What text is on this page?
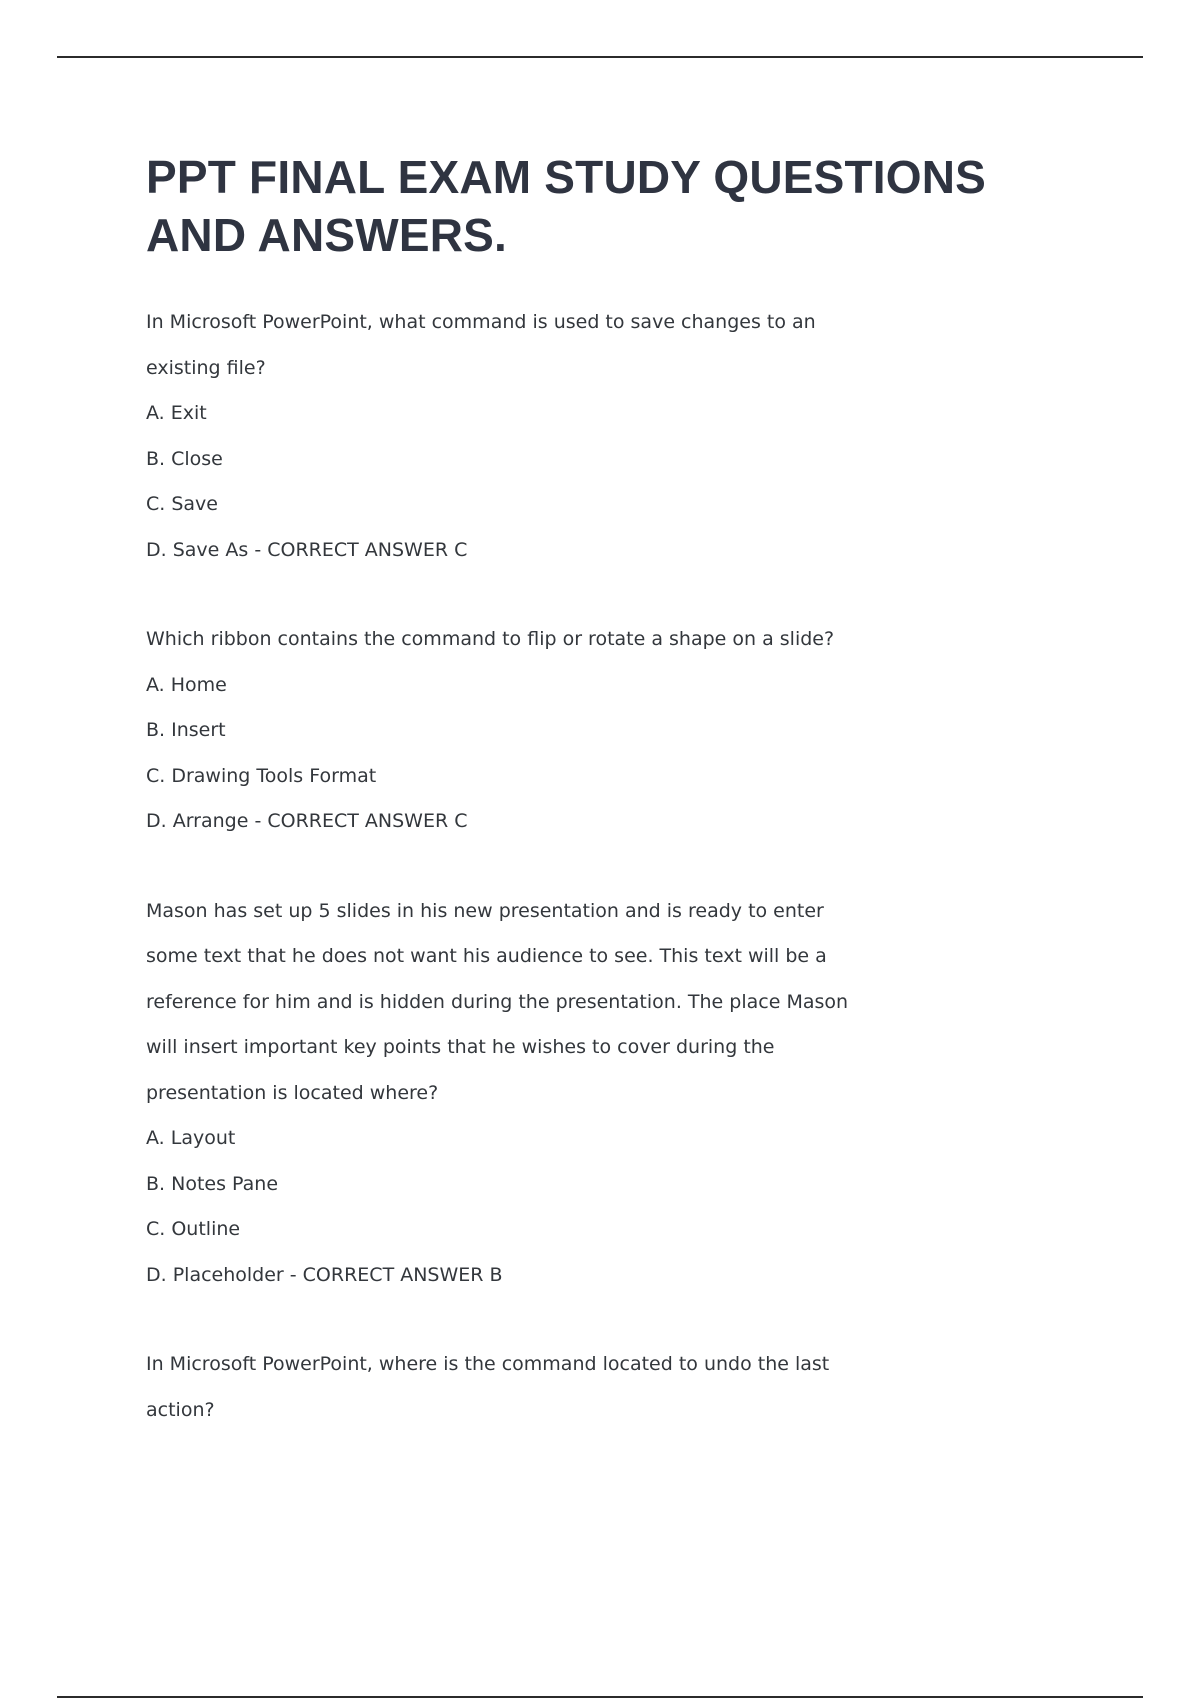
PPT FINAL EXAM STUDY QUESTIONS
AND ANSWERS.
In Microsoft PowerPoint, what command is used to save changes to an
existing file?
A. Exit
B. Close
C. Save
D. Save As - CORRECT ANSWER C
Which ribbon contains the command to flip or rotate a shape on a slide?
A. Home
B. Insert
C. Drawing Tools Format
D. Arrange - CORRECT ANSWER C
Mason has set up 5 slides in his new presentation and is ready to enter
some text that he does not want his audience to see. This text will be a
reference for him and is hidden during the presentation. The place Mason
will insert important key points that he wishes to cover during the
presentation is located where?
A. Layout
B. Notes Pane
C. Outline
D. Placeholder - CORRECT ANSWER B
In Microsoft PowerPoint, where is the command located to undo the last
action?
